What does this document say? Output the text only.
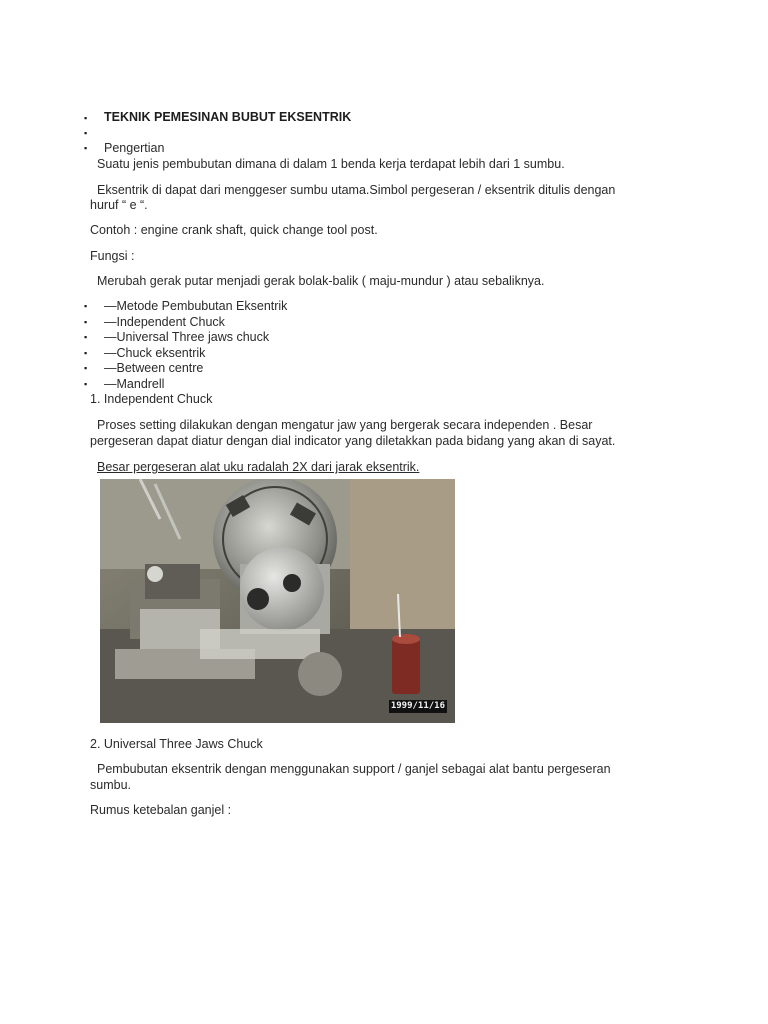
▪ TEKNIK PEMESINAN BUBUT EKSENTRIK
▪
▪ Pengertian
Suatu jenis pembubutan dimana di dalam 1 benda kerja terdapat lebih dari 1 sumbu.
Eksentrik di dapat dari menggeser sumbu utama.Simbol pergeseran / eksentrik ditulis dengan
huruf “ e “.
Contoh : engine crank shaft, quick change tool post.
Fungsi :
Merubah gerak putar menjadi gerak bolak-balik ( maju-mundur ) atau sebaliknya.
▪ —Metode Pembubutan Eksentrik
▪ —Independent Chuck
▪ —Universal Three jaws chuck
▪ —Chuck eksentrik
▪ —Between centre
▪ —Mandrell
1. Independent Chuck
Proses setting dilakukan dengan mengatur jaw yang bergerak secara independen . Besar
pergeseran dapat diatur dengan dial indicator yang diletakkan pada bidang yang akan di sayat.
Besar pergeseran alat uku radalah 2X dari jarak eksentrik.
1999/11/16
2. Universal Three Jaws Chuck
Pembubutan eksentrik dengan menggunakan support / ganjel sebagai alat bantu pergeseran
sumbu.
Rumus ketebalan ganjel :
